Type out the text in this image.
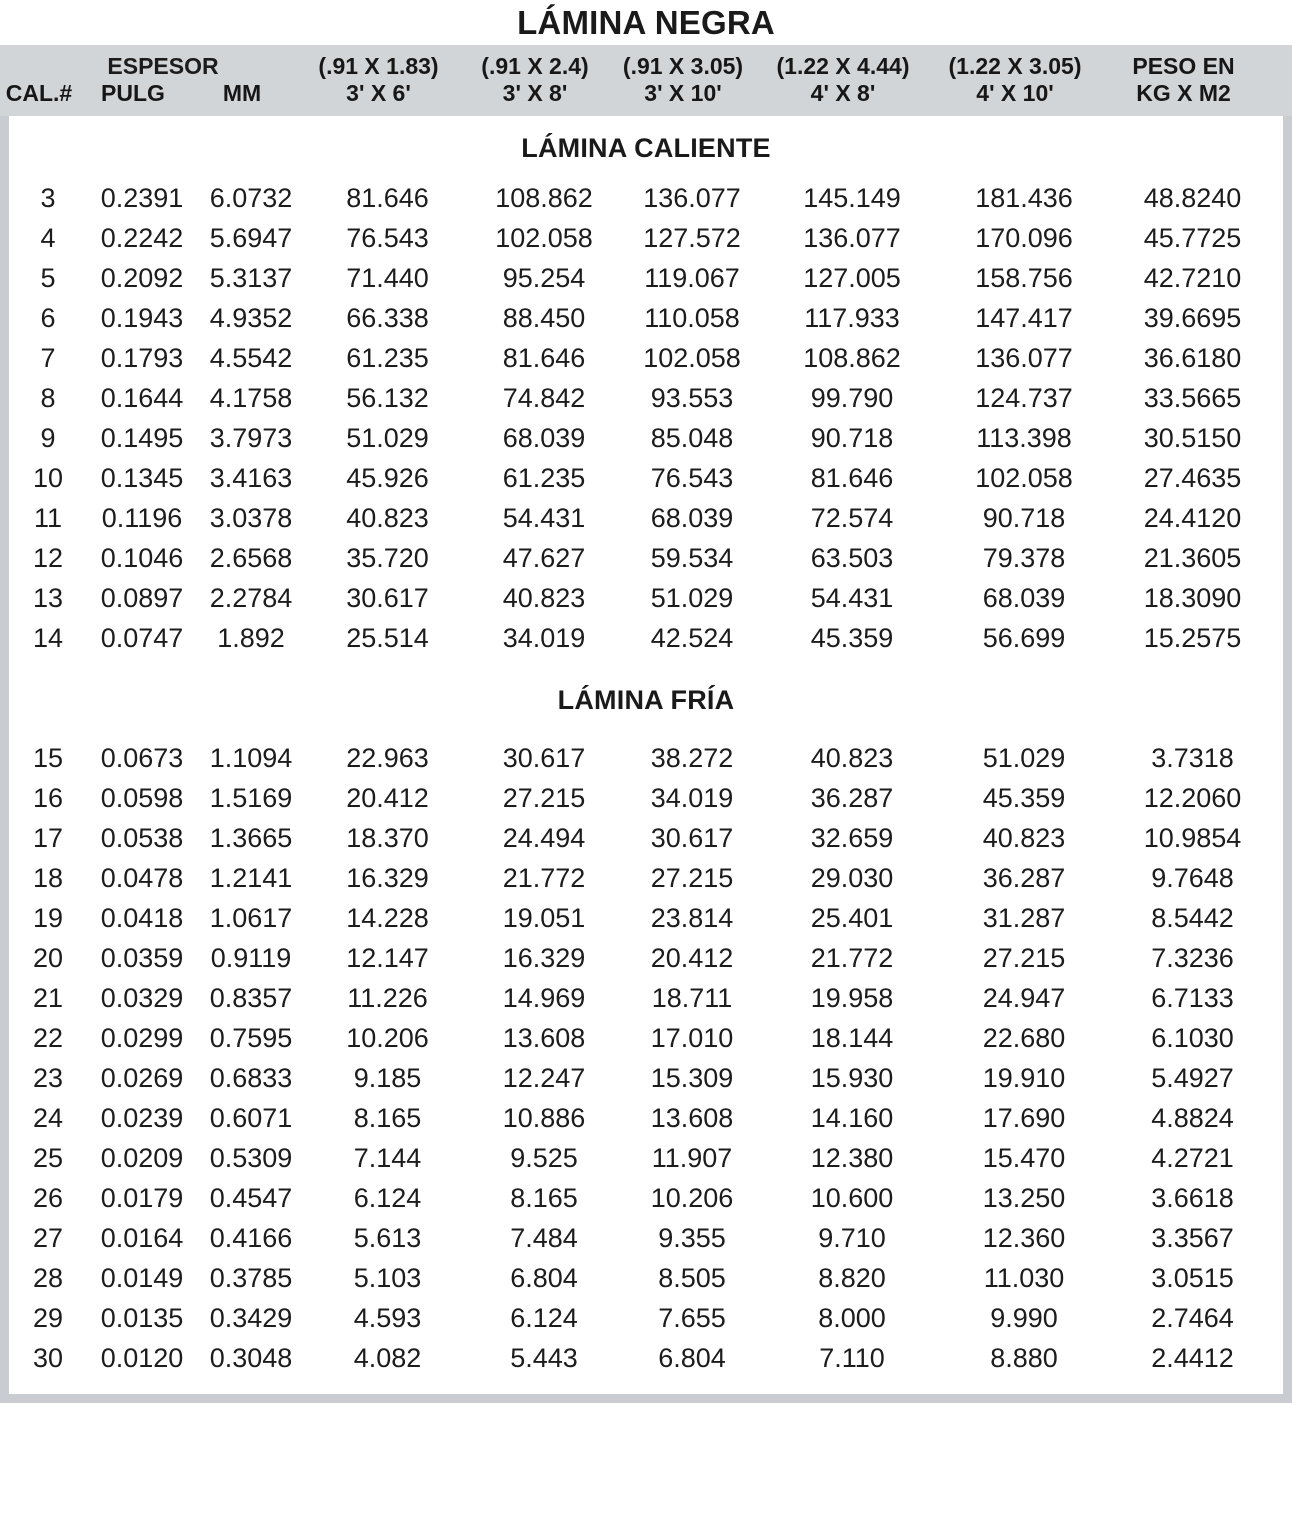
LÁMINA NEGRA
ESPESOR	(.91 X 1.83)	(.91 X 2.4)	(.91 X 3.05)	(1.22 X 4.44)	(1.22 X 3.05)	PESO EN
CAL.#	PULG	MM	3' X 6'	3' X 8'	3' X 10'	4' X 8'	4' X 10'	KG X M2
LÁMINA CALIENTE
3	0.2391 6.0732	81.646	108.862	136.077	145.149	181.436	48.8240
4	0.2242 5.6947	76.543	102.058	127.572	136.077	170.096	45.7725
5	0.2092 5.3137	71.440	95.254	119.067	127.005	158.756	42.7210
6	0.1943 4.9352	66.338	88.450	110.058	117.933	147.417	39.6695
7	0.1793 4.5542	61.235	81.646	102.058	108.862	136.077	36.6180
8	0.1644 4.1758	56.132	74.842	93.553	99.790	124.737	33.5665
9	0.1495 3.7973	51.029	68.039	85.048	90.718	113.398	30.5150
10	0.1345 3.4163	45.926	61.235	76.543	81.646	102.058	27.4635
11	0.1196	3.0378	40.823	54.431	68.039	72.574	90.718	24.4120
12	0.1046 2.6568	35.720	47.627	59.534	63.503	79.378	21.3605
13	0.0897 2.2784	30.617	40.823	51.029	54.431	68.039	18.3090
14	0.0747	1.892	25.514	34.019	42.524	45.359	56.699	15.2575
LÁMINA FRÍA
15	0.0673 1.1094	22.963	30.617	38.272	40.823	51.029	3.7318
16	0.0598 1.5169	20.412	27.215	34.019	36.287	45.359	12.2060
17	0.0538 1.3665	18.370	24.494	30.617	32.659	40.823	10.9854
18	0.0478 1.2141	16.329	21.772	27.215	29.030	36.287	9.7648
19	0.0418 1.0617	14.228	19.051	23.814	25.401	31.287	8.5442
20	0.0359	0.9119	12.147	16.329	20.412	21.772	27.215	7.3236
21	0.0329 0.8357	11.226	14.969	18.711	19.958	24.947	6.7133
22	0.0299 0.7595	10.206	13.608	17.010	18.144	22.680	6.1030
23	0.0269 0.6833	9.185	12.247	15.309	15.930	19.910	5.4927
24	0.0239 0.6071	8.165	10.886	13.608	14.160	17.690	4.8824
25	0.0209 0.5309	7.144	9.525	11.907	12.380	15.470	4.2721
26	0.0179 0.4547	6.124	8.165	10.206	10.600	13.250	3.6618
27	0.0164 0.4166	5.613	7.484	9.355	9.710	12.360	3.3567
28	0.0149 0.3785	5.103	6.804	8.505	8.820	11.030	3.0515
29	0.0135 0.3429	4.593	6.124	7.655	8.000	9.990	2.7464
30	0.0120 0.3048	4.082	5.443	6.804	7.110	8.880	2.4412
